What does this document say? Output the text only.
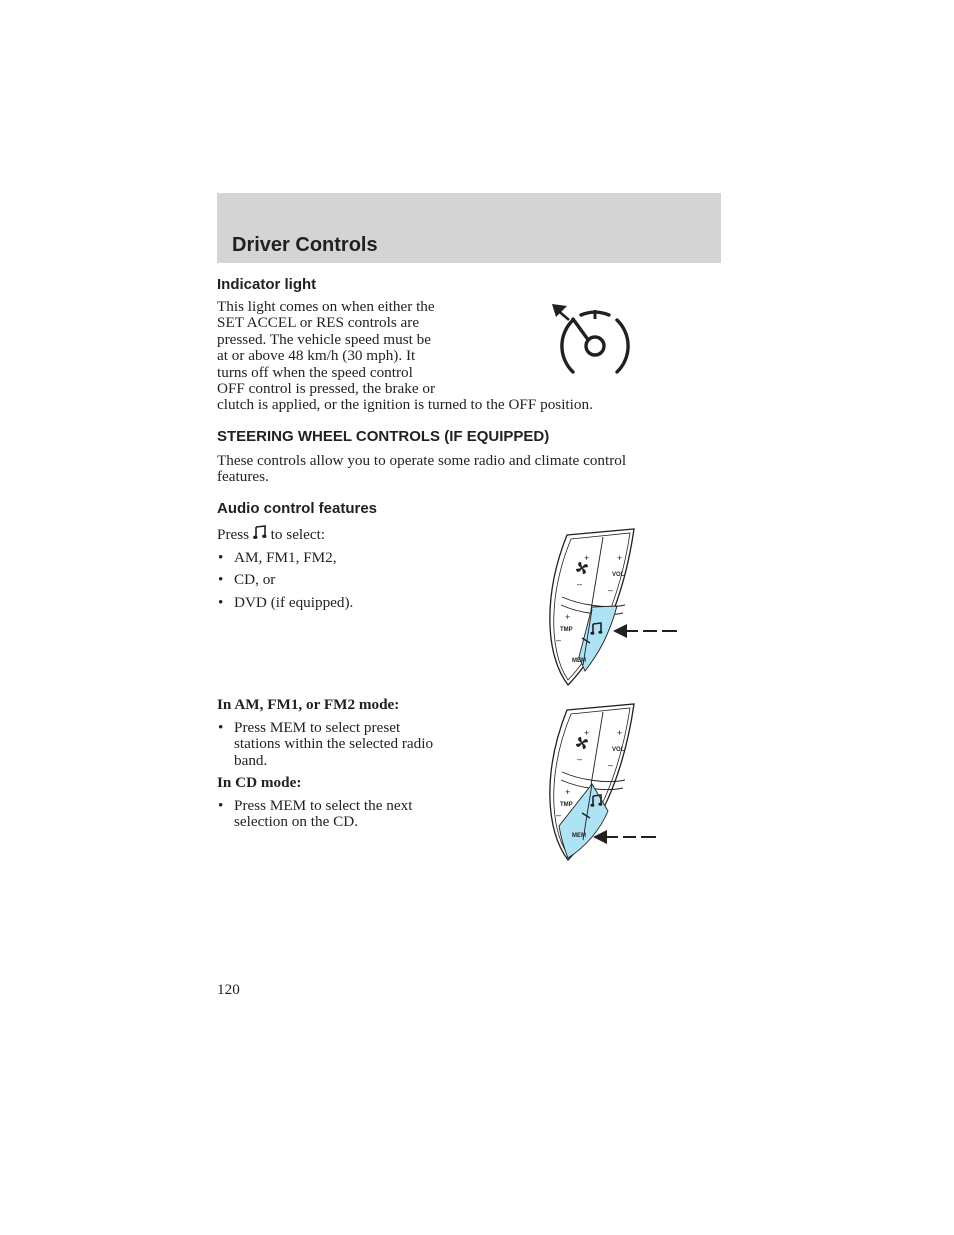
Driver Controls
Indicator light

This light comes on when either the
SET ACCEL or RES controls are
pressed. The vehicle speed must be
at or above 48 km/h (30 mph). It
turns off when the speed control
OFF control is pressed, the brake or
clutch is applied, or the ignition is turned to the OFF position.

STEERING WHEEL CONTROLS (IF EQUIPPED)

These controls allow you to operate some radio and climate control
features.

Audio control features

Press to select:

• AM, FM1, FM2,
• CD, or
• DVD (if equipped).
+
–
+
VOL
–
+
TMP
–
MEM
In AM, FM1, or FM2 mode:
• Press MEM to select preset
stations within the selected radio
band.
In CD mode:
• Press MEM to select the next
selection on the CD.
+
–
+
VOL
–
+
TMP
–
MEM

120
